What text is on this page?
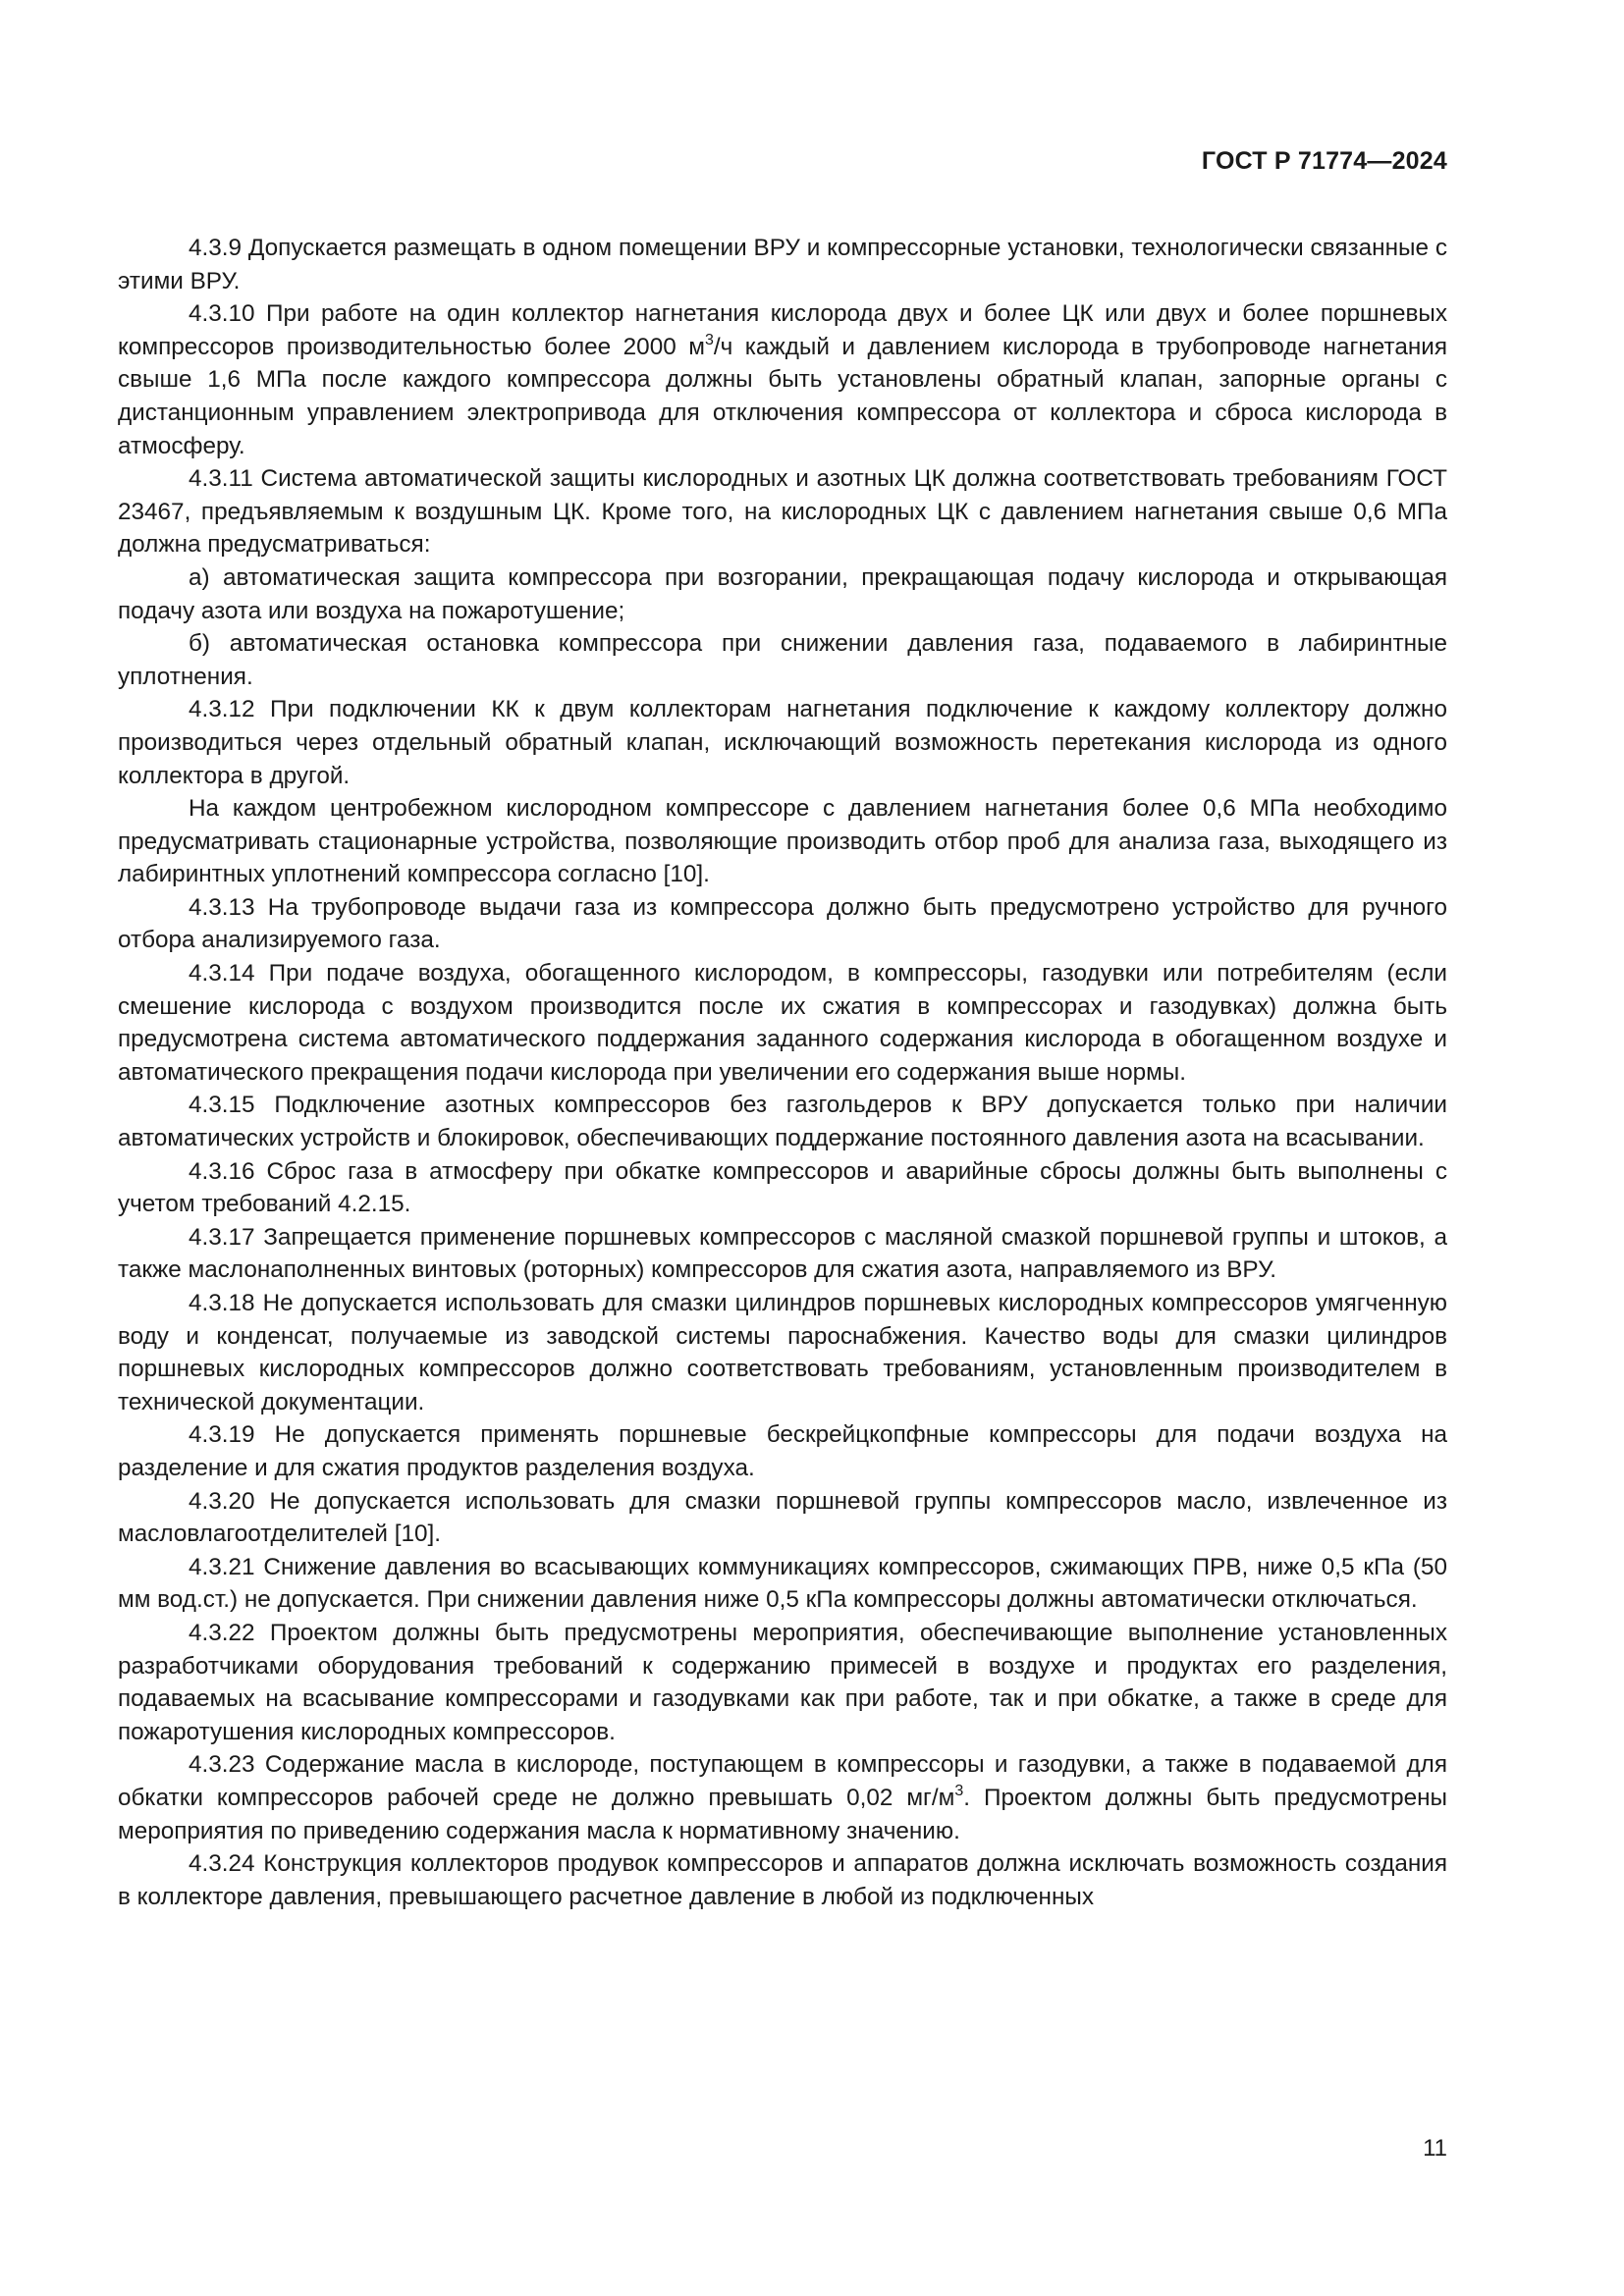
ГОСТ Р 71774—2024

4.3.9 Допускается размещать в одном помещении ВРУ и компрессорные установки, технологически связанные с этими ВРУ.

4.3.10 При работе на один коллектор нагнетания кислорода двух и более ЦК или двух и более поршневых компрессоров производительностью более 2000 $м^3/ч$ каждый и давлением кислорода в трубопроводе нагнетания свыше 1,6 МПа после каждого компрессора должны быть установлены обратный клапан, запорные органы с дистанционным управлением электропривода для отключения компрессора от коллектора и сброса кислорода в атмосферу.

4.3.11 Система автоматической защиты кислородных и азотных ЦК должна соответствовать требованиям ГОСТ 23467, предъявляемым к воздушным ЦК. Кроме того, на кислородных ЦК с давлением нагнетания свыше 0,6 МПа должна предусматриваться:

а) автоматическая защита компрессора при возгорании, прекращающая подачу кислорода и открывающая подачу азота или воздуха на пожаротушение;

б) автоматическая остановка компрессора при снижении давления газа, подаваемого в лабиринтные уплотнения.

4.3.12 При подключении КК к двум коллекторам нагнетания подключение к каждому коллектору должно производиться через отдельный обратный клапан, исключающий возможность перетекания кислорода из одного коллектора в другой.

На каждом центробежном кислородном компрессоре с давлением нагнетания более 0,6 МПа необходимо предусматривать стационарные устройства, позволяющие производить отбор проб для анализа газа, выходящего из лабиринтных уплотнений компрессора согласно [10].

4.3.13 На трубопроводе выдачи газа из компрессора должно быть предусмотрено устройство для ручного отбора анализируемого газа.

4.3.14 При подаче воздуха, обогащенного кислородом, в компрессоры, газодувки или потребителям (если смешение кислорода с воздухом производится после их сжатия в компрессорах и газодувках) должна быть предусмотрена система автоматического поддержания заданного содержания кислорода в обогащенном воздухе и автоматического прекращения подачи кислорода при увеличении его содержания выше нормы.

4.3.15 Подключение азотных компрессоров без газгольдеров к ВРУ допускается только при наличии автоматических устройств и блокировок, обеспечивающих поддержание постоянного давления азота на всасывании.

4.3.16 Сброс газа в атмосферу при обкатке компрессоров и аварийные сбросы должны быть выполнены с учетом требований 4.2.15.

4.3.17 Запрещается применение поршневых компрессоров с масляной смазкой поршневой группы и штоков, а также маслонаполненных винтовых (роторных) компрессоров для сжатия азота, направляемого из ВРУ.

4.3.18 Не допускается использовать для смазки цилиндров поршневых кислородных компрессоров умягченную воду и конденсат, получаемые из заводской системы пароснабжения. Качество воды для смазки цилиндров поршневых кислородных компрессоров должно соответствовать требованиям, установленным производителем в технической документации.

4.3.19 Не допускается применять поршневые бескрейцкопфные компрессоры для подачи воздуха на разделение и для сжатия продуктов разделения воздуха.

4.3.20 Не допускается использовать для смазки поршневой группы компрессоров масло, извлеченное из масловлагоотделителей [10].

4.3.21 Снижение давления во всасывающих коммуникациях компрессоров, сжимающих ПРВ, ниже 0,5 кПа (50 мм вод.ст.) не допускается. При снижении давления ниже 0,5 кПа компрессоры должны автоматически отключаться.

4.3.22 Проектом должны быть предусмотрены мероприятия, обеспечивающие выполнение установленных разработчиками оборудования требований к содержанию примесей в воздухе и продуктах его разделения, подаваемых на всасывание компрессорами и газодувками как при работе, так и при обкатке, а также в среде для пожаротушения кислородных компрессоров.

4.3.23 Содержание масла в кислороде, поступающем в компрессоры и газодувки, а также в подаваемой для обкатки компрессоров рабочей среде не должно превышать 0,02 $мг/м^3$. Проектом должны быть предусмотрены мероприятия по приведению содержания масла к нормативному значению.

4.3.24 Конструкция коллекторов продувок компрессоров и аппаратов должна исключать возможность создания в коллекторе давления, превышающего расчетное давление в любой из подключенных

11
